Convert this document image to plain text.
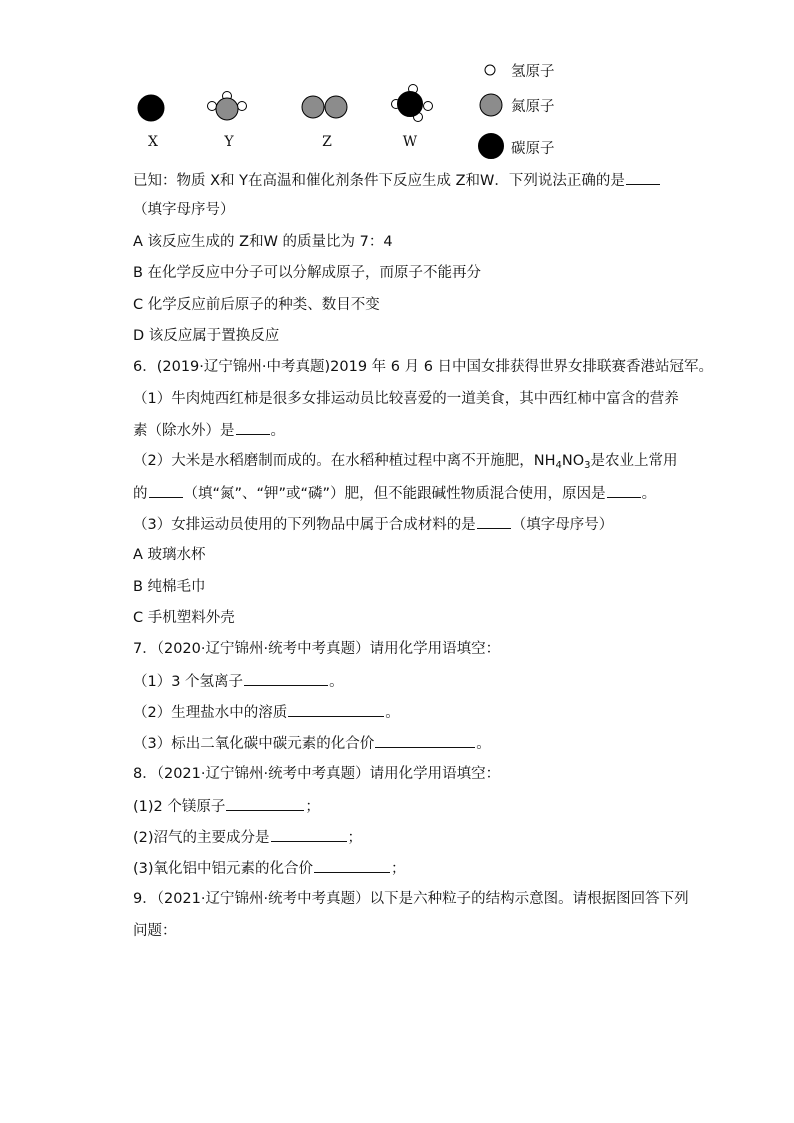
X	Y	Z	W
氢原子
氮原子
碳原子
已知：物质 X和 Y在高温和催化剂条件下反应生成 Z和W．下列说法正确的是
（填字母序号）
A 该反应生成的 Z和W 的质量比为 7：4
B 在化学反应中分子可以分解成原子，而原子不能再分
C 化学反应前后原子的种类、数目不变
D 该反应属于置换反应
6．(2019·辽宁锦州·中考真题)2019 年 6 月 6 日中国女排获得世界女排联赛香港站冠军。
（1）牛肉炖西红柿是很多女排运动员比较喜爱的一道美食，其中西红柿中富含的营养
素（除水外）是 。
（2）大米是水稻磨制而成的。在水稻种植过程中离不开施肥，$NH_4NO_3$是农业上常用
的 （填“氮”、“钾”或“磷”）肥，但不能跟碱性物质混合使用，原因是 。
（3）女排运动员使用的下列物品中属于合成材料的是 （填字母序号）
A 玻璃水杯
B 纯棉毛巾
C 手机塑料外壳
7．（2020·辽宁锦州·统考中考真题）请用化学用语填空：
（1）3 个氢离子	。
（2）生理盐水中的溶质	。
（3）标出二氧化碳中碳元素的化合价	。
8．（2021·辽宁锦州·统考中考真题）请用化学用语填空：
(1)2 个镁原子	；
(2)沼气的主要成分是	；
(3)氧化铝中铝元素的化合价	；
9．（2021·辽宁锦州·统考中考真题）以下是六种粒子的结构示意图。请根据图回答下列
问题：
